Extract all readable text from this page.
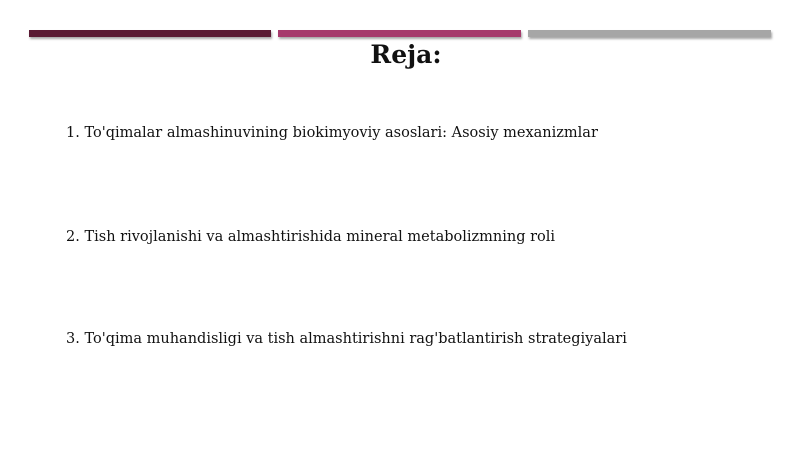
Reja:

1. To'qimalar almashinuvining biokimyoviy asoslari: Asosiy mexanizmlar

2. Tish rivojlanishi va almashtirishida mineral metabolizmning roli

3. To'qima muhandisligi va tish almashtirishni rag'batlantirish strategiyalari
